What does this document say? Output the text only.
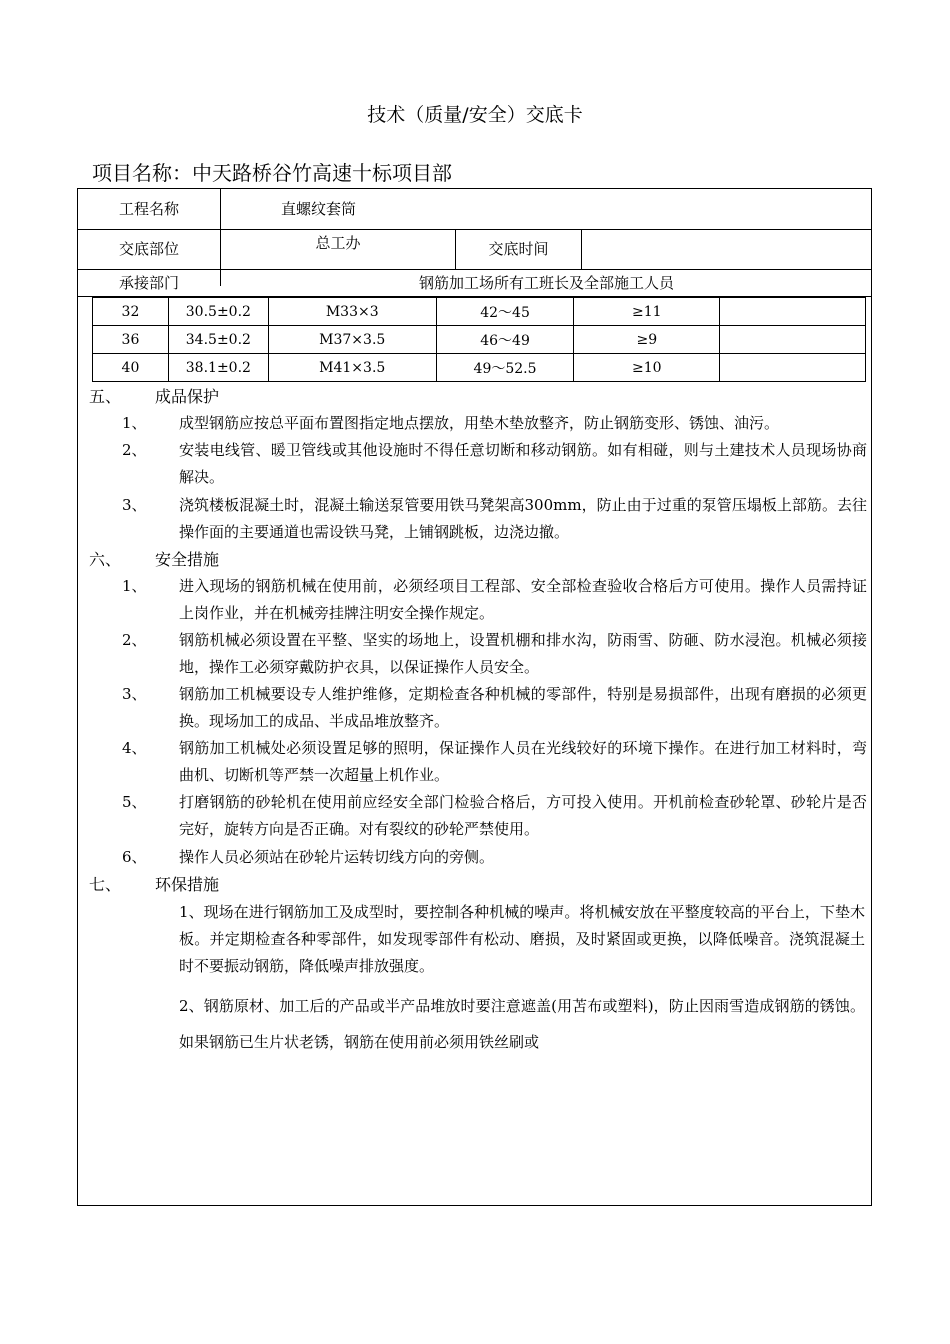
技术（质量/安全）交底卡
项目名称：中天路桥谷竹高速十标项目部
工程名称	直螺纹套筒
交底部位	总工办	交底时间
承接部门	钢筋加工场所有工班长及全部施工人员
32	30.5±0.2	M33×3	42～45	≥11	
36	34.5±0.2	M37×3.5	46～49	≥9	
40	38.1±0.2	M41×3.5	49～52.5	≥10	
五、 成品保护
1、	成型钢筋应按总平面布置图指定地点摆放，用垫木垫放整齐，防止钢筋变形、锈蚀、油污。
2、	安装电线管、暖卫管线或其他设施时不得任意切断和移动钢筋。如有相碰，则与土建技术人员现场协商解决。
3、	浇筑楼板混凝土时，混凝土输送泵管要用铁马凳架高300mm，防止由于过重的泵管压塌板上部筋。去往操作面的主要通道也需设铁马凳，上铺钢跳板，边浇边撤。
六、 安全措施
1、	进入现场的钢筋机械在使用前，必须经项目工程部、安全部检查验收合格后方可使用。操作人员需持证上岗作业，并在机械旁挂牌注明安全操作规定。
2、	钢筋机械必须设置在平整、坚实的场地上，设置机棚和排水沟，防雨雪、防砸、防水浸泡。机械必须接地，操作工必须穿戴防护衣具，以保证操作人员安全。
3、	钢筋加工机械要设专人维护维修，定期检查各种机械的零部件，特别是易损部件，出现有磨损的必须更换。现场加工的成品、半成品堆放整齐。
4、	钢筋加工机械处必须设置足够的照明，保证操作人员在光线较好的环境下操作。在进行加工材料时，弯曲机、切断机等严禁一次超量上机作业。
5、	打磨钢筋的砂轮机在使用前应经安全部门检验合格后，方可投入使用。开机前检查砂轮罩、砂轮片是否完好，旋转方向是否正确。对有裂纹的砂轮严禁使用。
6、	操作人员必须站在砂轮片运转切线方向的旁侧。
七、 环保措施
1、现场在进行钢筋加工及成型时，要控制各种机械的噪声。将机械安放在平整度较高的平台上，下垫木板。并定期检查各种零部件，如发现零部件有松动、磨损，及时紧固或更换，以降低噪音。浇筑混凝土时不要振动钢筋，降低噪声排放强度。
2、钢筋原材、加工后的产品或半产品堆放时要注意遮盖(用苫布或塑料)，防止因雨雪造成钢筋的锈蚀。如果钢筋已生片状老锈，钢筋在使用前必须用铁丝刷或
